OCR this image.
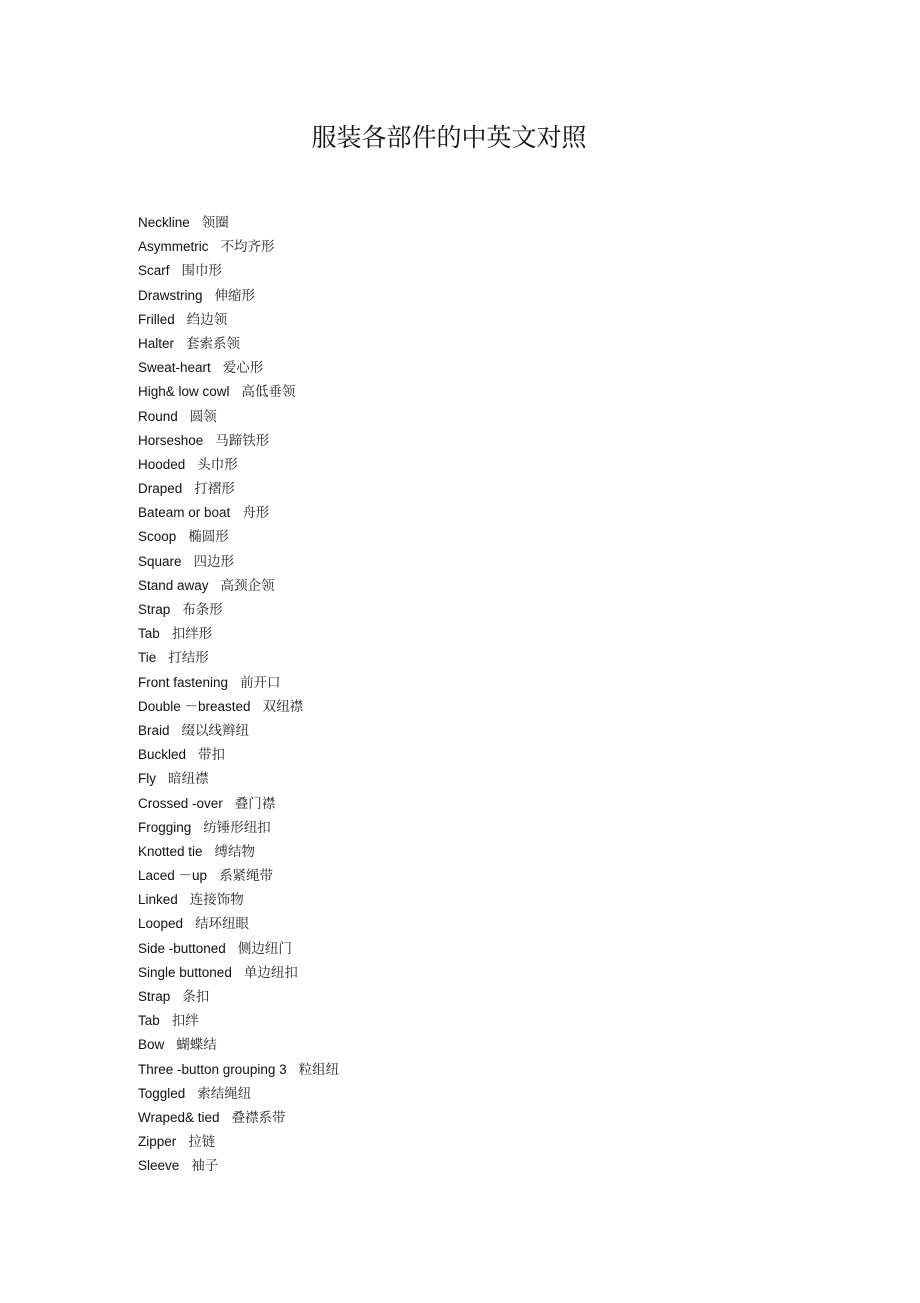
服装各部件的中英文对照
Neckline 领圈
Asymmetric 不均齐形
Scarf 围巾形
Drawstring 伸缩形
Frilled 绉边领
Halter 套索系领
Sweat-heart 爱心形
High& low cowl 高低垂领
Round 圆领
Horseshoe 马蹄铁形
Hooded 头巾形
Draped 打褶形
Bateam or boat 舟形
Scoop 椭圆形
Square 四边形
Stand away 高颈企领
Strap 布条形
Tab 扣绊形
Tie 打结形
Front fastening 前开口
Double －breasted 双纽襟
Braid 缀以线辫纽
Buckled 带扣
Fly 暗纽襟
Crossed -over 叠门襟
Frogging 纺锤形纽扣
Knotted tie 缚结物
Laced －up 系紧绳带
Linked 连接饰物
Looped 结环纽眼
Side -buttoned 侧边纽门
Single buttoned 单边纽扣
Strap 条扣
Tab 扣绊
Bow 蝴蝶结
Three -button grouping 3 粒组纽
Toggled 索结绳纽
Wraped& tied 叠襟系带
Zipper 拉链
Sleeve 袖子
